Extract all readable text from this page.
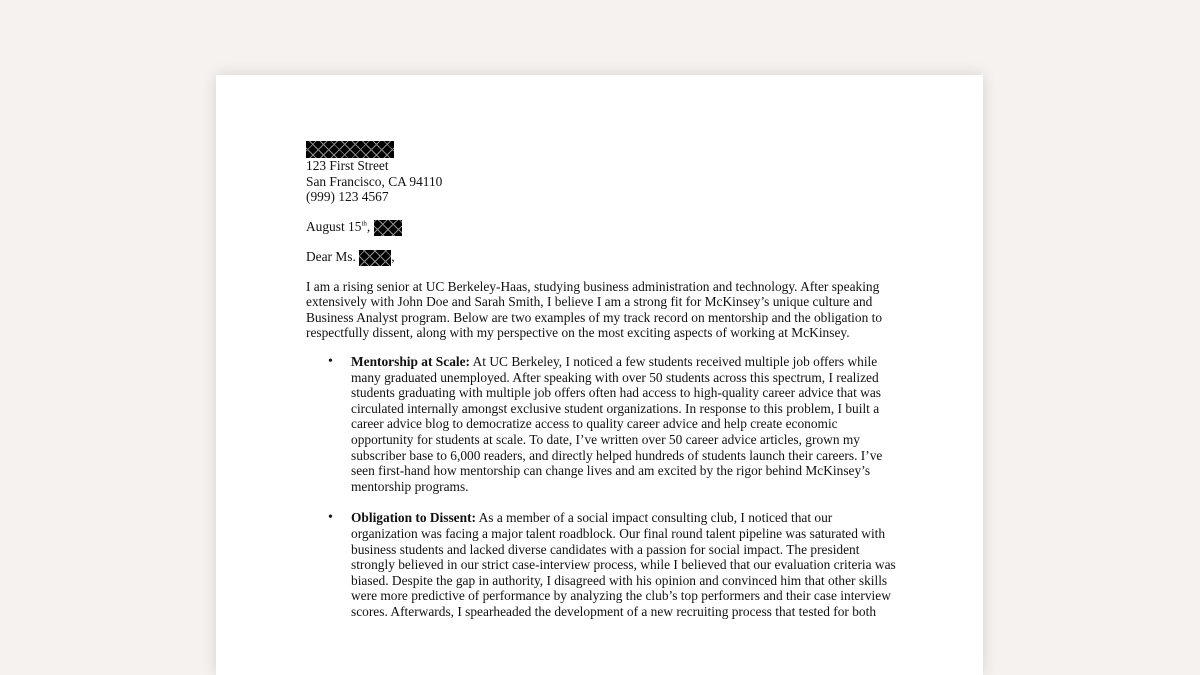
123 First Street

San Francisco, CA 94110

(999) 123 4567

August 15th,

Dear Ms.	,

I am a rising senior at UC Berkeley-Haas, studying business administration and technology. After speaking extensively with John Doe and Sarah Smith, I believe I am a strong fit for McKinsey’s unique culture and Business Analyst program. Below are two examples of my track record on mentorship and the obligation to respectfully dissent, along with my perspective on the most exciting aspects of working at McKinsey.

• Mentorship at Scale: At UC Berkeley, I noticed a few students received multiple job offers while many graduated unemployed. After speaking with over 50 students across this spectrum, I realized students graduating with multiple job offers often had access to high-quality career advice that was circulated internally amongst exclusive student organizations. In response to this problem, I built a career advice blog to democratize access to quality career advice and help create economic opportunity for students at scale. To date, I’ve written over 50 career advice articles, grown my subscriber base to 6,000 readers, and directly helped hundreds of students launch their careers. I’ve seen first-hand how mentorship can change lives and am excited by the rigor behind McKinsey’s mentorship programs.
• Obligation to Dissent: As a member of a social impact consulting club, I noticed that our organization was facing a major talent roadblock. Our final round talent pipeline was saturated with business students and lacked diverse candidates with a passion for social impact. The president strongly believed in our strict case-interview process, while I believed that our evaluation criteria was biased. Despite the gap in authority, I disagreed with his opinion and convinced him that other skills were more predictive of performance by analyzing the club’s top performers and their case interview scores. Afterwards, I spearheaded the development of a new recruiting process that tested for both
